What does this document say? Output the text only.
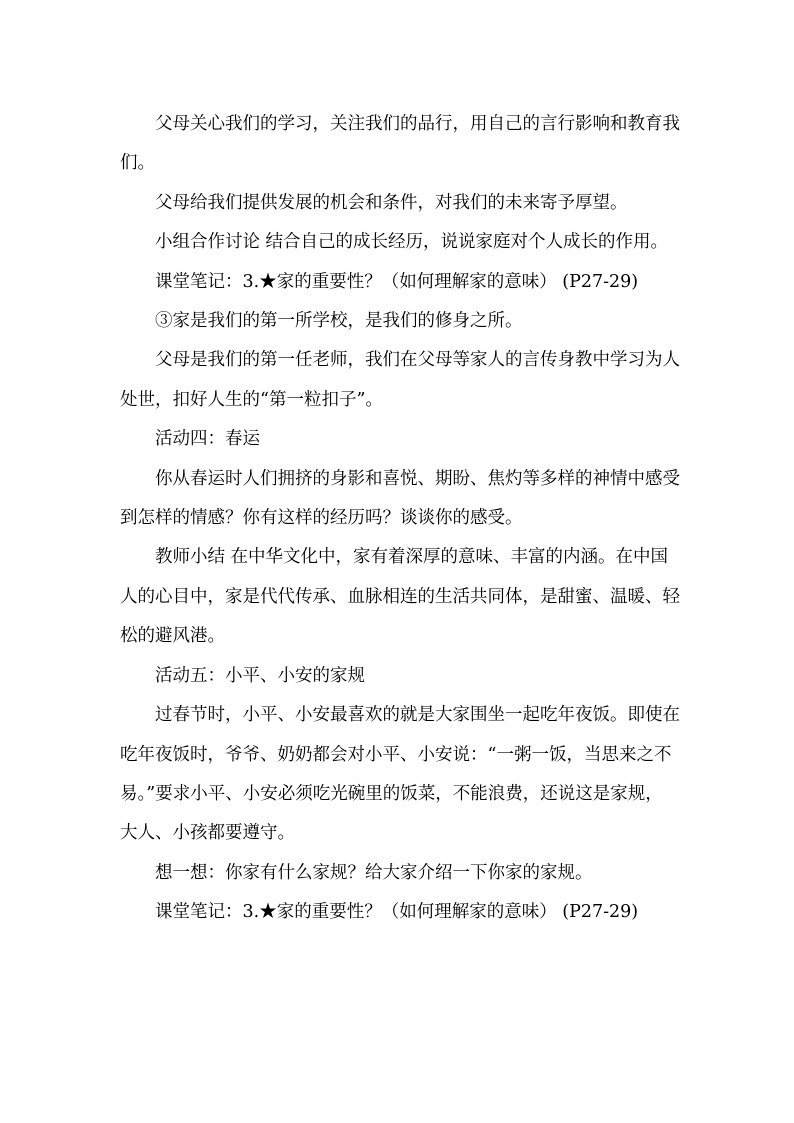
父母关心我们的学习，关注我们的品行，用自己的言行影响和教育我们。

父母给我们提供发展的机会和条件，对我们的未来寄予厚望。

小组合作讨论 结合自己的成长经历，说说家庭对个人成长的作用。

课堂笔记：3.★家的重要性？（如何理解家的意味） (P27-29)

③家是我们的第一所学校，是我们的修身之所。

父母是我们的第一任老师，我们在父母等家人的言传身教中学习为人处世，扣好人生的“第一粒扣子”。

活动四：春运

你从春运时人们拥挤的身影和喜悦、期盼、焦灼等多样的神情中感受到怎样的情感？你有这样的经历吗？谈谈你的感受。

教师小结 在中华文化中，家有着深厚的意味、丰富的内涵。在中国人的心目中，家是代代传承、血脉相连的生活共同体，是甜蜜、温暖、轻松的避风港。

活动五：小平、小安的家规

过春节时，小平、小安最喜欢的就是大家围坐一起吃年夜饭。即使在吃年夜饭时，爷爷、奶奶都会对小平、小安说：“一粥一饭，当思来之不易。”要求小平、小安必须吃光碗里的饭菜，不能浪费，还说这是家规，大人、小孩都要遵守。

想一想：你家有什么家规？给大家介绍一下你家的家规。

课堂笔记：3.★家的重要性？（如何理解家的意味） (P27-29)
